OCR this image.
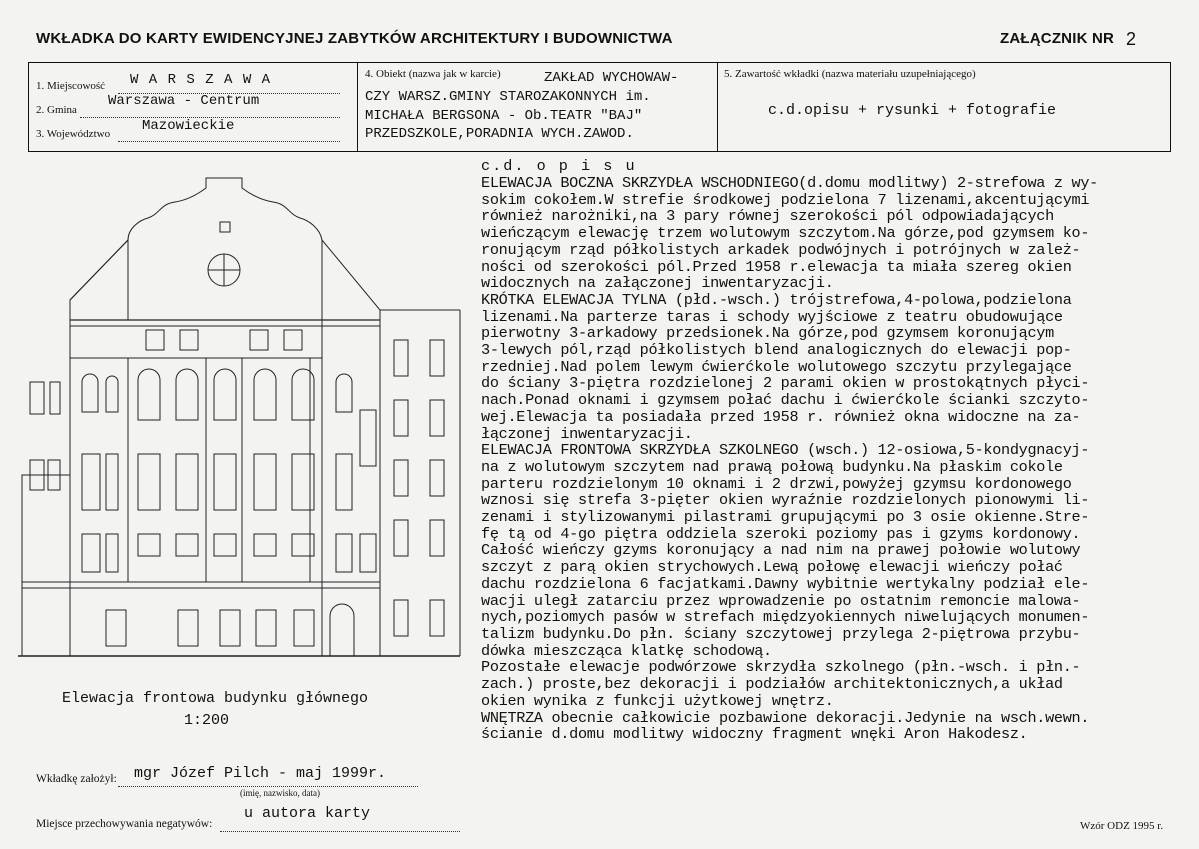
WKŁADKA DO KARTY EWIDENCYJNEJ ZABYTKÓW ARCHITEKTURY I BUDOWNICTWA	ZAŁĄCZNIK NR 2
1. Miejscowość W A R S Z A W A
2. Gmina
Warszawa - Centrum
3. Województwo Mazowieckie
4. Obiekt (nazwa jak w karcie)	ZAKŁAD WYCHOWAW-
CZY WARSZ.GMINY STAROZAKONNYCH im.
MICHAŁA BERGSONA - Ob.TEATR "BAJ"
PRZEDSZKOLE,PORADNIA WYCH.ZAWOD.
5. Zawartość wkładki (nazwa materiału uzupełniającego)
c.d.opisu + rysunki + fotografie
Elewacja frontowa budynku głównego
1:200
c.d. o p i s u
ELEWACJA BOCZNA SKRZYDŁA WSCHODNIEGO(d.domu modlitwy) 2-strefowa z wy-
sokim cokołem.W strefie środkowej podzielona 7 lizenami,akcentującymi
również narożniki,na 3 pary równej szerokości pól odpowiadających
wieńczącym elewację trzem wolutowym szczytom.Na górze,pod gzymsem ko-
ronującym rząd półkolistych arkadek podwójnych i potrójnych w zależ-
ności od szerokości pól.Przed 1958 r.elewacja ta miała szereg okien
widocznych na załączonej inwentaryzacji.
KRÓTKA ELEWACJA TYLNA (płd.-wsch.) trójstrefowa,4-polowa,podzielona
lizenami.Na parterze taras i schody wyjściowe z teatru obudowujące
pierwotny 3-arkadowy przedsionek.Na górze,pod gzymsem koronującym
3-lewych pól,rząd półkolistych blend analogicznych do elewacji pop-
rzedniej.Nad polem lewym ćwierćkole wolutowego szczytu przylegające
do ściany 3-piętra rozdzielonej 2 parami okien w prostokątnych płyci-
nach.Ponad oknami i gzymsem połać dachu i ćwierćkole ścianki szczyto-
wej.Elewacja ta posiadała przed 1958 r. również okna widoczne na za-
łączonej inwentaryzacji.
ELEWACJA FRONTOWA SKRZYDŁA SZKOLNEGO (wsch.) 12-osiowa,5-kondygnacyj-
na z wolutowym szczytem nad prawą połową budynku.Na płaskim cokole
parteru rozdzielonym 10 oknami i 2 drzwi,powyżej gzymsu kordonowego
wznosi się strefa 3-pięter okien wyraźnie rozdzielonych pionowymi li-
zenami i stylizowanymi pilastrami grupującymi po 3 osie okienne.Stre-
fę tą od 4-go piętra oddziela szeroki poziomy pas i gzyms kordonowy.
Całość wieńczy gzyms koronujący a nad nim na prawej połowie wolutowy
szczyt z parą okien strychowych.Lewą połowę elewacji wieńczy połać
dachu rozdzielona 6 facjatkami.Dawny wybitnie wertykalny podział ele-
wacji uległ zatarciu przez wprowadzenie po ostatnim remoncie malowa-
nych,poziomych pasów w strefach międzyokiennych niwelujących monumen-
talizm budynku.Do płn. ściany szczytowej przylega 2-piętrowa przybu-
dówka mieszcząca klatkę schodową.
Pozostałe elewacje podwórzowe skrzydła szkolnego (płn.-wsch. i płn.-
zach.) proste,bez dekoracji i podziałów architektonicznych,a układ
okien wynika z funkcji użytkowej wnętrz.
WNĘTRZA obecnie całkowicie pozbawione dekoracji.Jedynie na wsch.wewn.
ścianie d.domu modlitwy widoczny fragment wnęki Aron Hakodesz.
Wkładkę założył: mgr Józef Pilch - maj 1999r.
(imię, nazwisko, data)
Miejsce przechowywania negatywów:
u autora karty
Wzór ODZ 1995 r.
